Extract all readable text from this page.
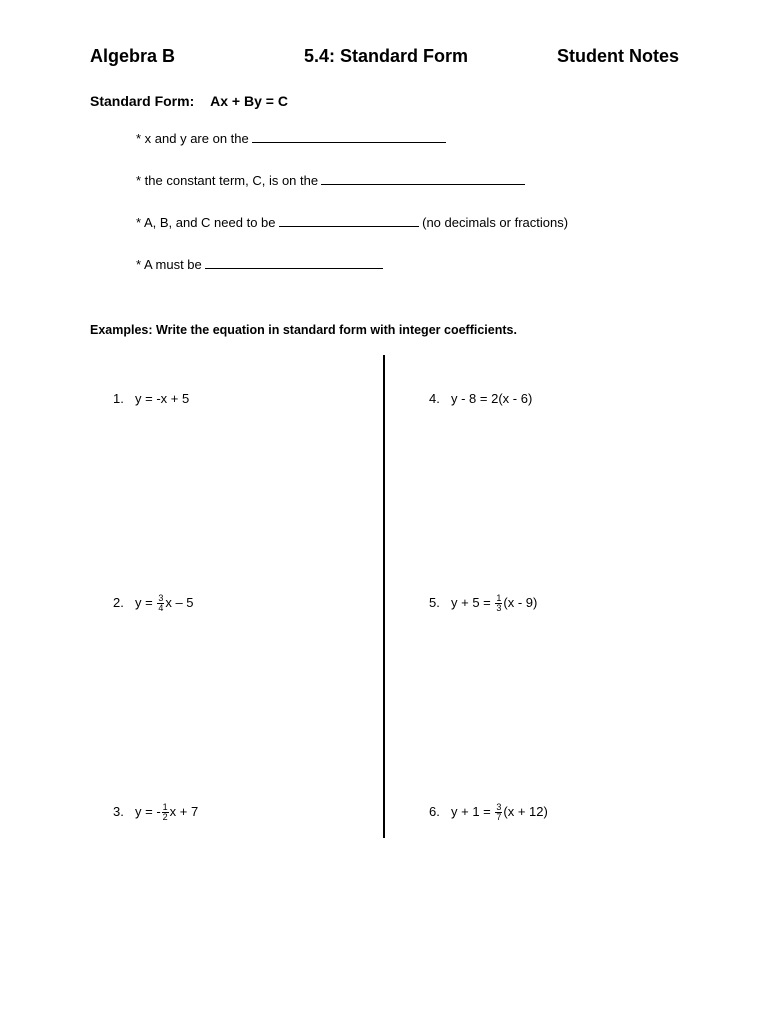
Algebra B	5.4: Standard Form	Student Notes
Standard Form: Ax + By = C
* x and y are on the
* the constant term, C, is on the
* A, B, and C need to be	(no decimals or fractions)
* A must be
Examples: Write the equation in standard form with integer coefficients.
1. y = -x + 5
2. $y = \frac{3}{4}$ x – 5
3. y = - $\frac{1}{2}$ x + 7
4. y - 8 = 2(x - 6)
5. $y + 5 = \frac{1}{3} (x - 9)$
6. $y + 1 = \frac{3}{7} (x + 12)$
